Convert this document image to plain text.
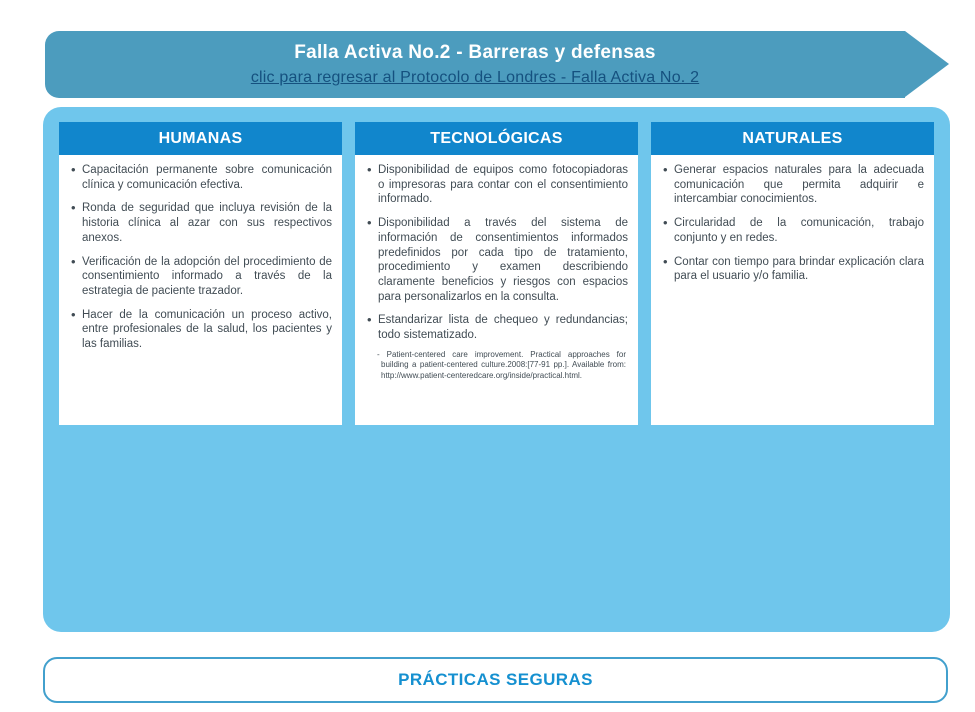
Falla Activa No.2 - Barreras y defensas
clic para regresar al Protocolo de Londres - Falla Activa No. 2
HUMANAS
• Capacitación permanente sobre comunicación clínica y comunicación efectiva.
• Ronda de seguridad que incluya revisión de la historia clínica al azar con sus respectivos anexos.
• Verificación de la adopción del procedimiento de consentimiento informado a través de la estrategia de paciente trazador.
• Hacer de la comunicación un proceso activo, entre profesionales de la salud, los pacientes y las familias.
TECNOLÓGICAS
• Disponibilidad de equipos como fotocopiadoras o impresoras para contar con el consentimiento informado.
• Disponibilidad a través del sistema de información de consentimientos informados predefinidos por cada tipo de tratamiento, procedimiento y examen describiendo claramente beneficios y riesgos con espacios para personalizarlos en la consulta.
• Estandarizar lista de chequeo y redundancias; todo sistematizado.

- Patient-centered care improvement. Practical approaches for building a patient-centered culture.2008:[77-91 pp.]. Available from: http://www.patient-centeredcare.org/inside/practical.html.

NATURALES
• Generar espacios naturales para la adecuada comunicación que permita adquirir e intercambiar conocimientos.
• Circularidad de la comunicación, trabajo conjunto y en redes.
• Contar con tiempo para brindar explicación clara para el usuario y/o familia.
PRÁCTICAS SEGURAS
